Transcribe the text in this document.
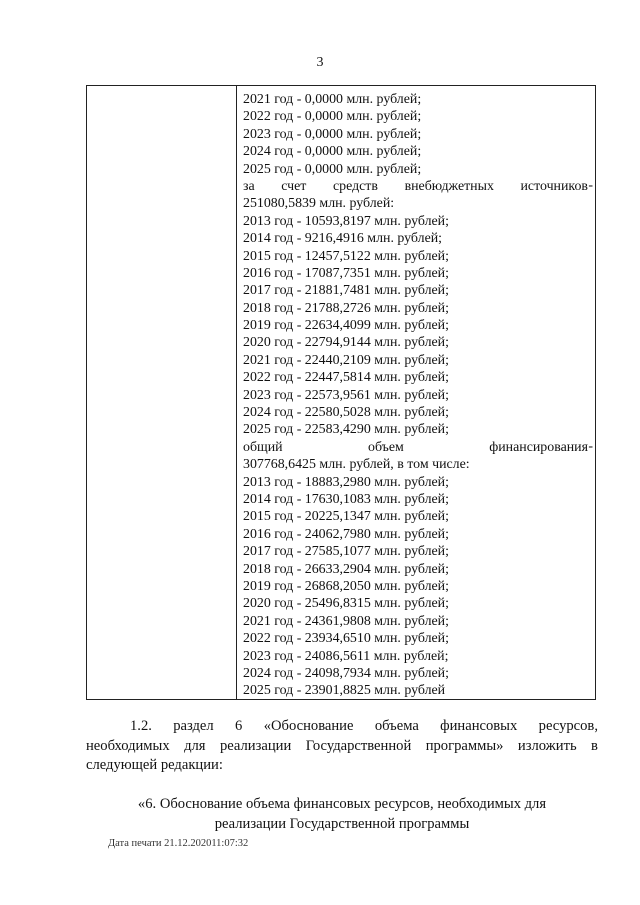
3
2021 год - 0,0000 млн. рублей;
2022 год - 0,0000 млн. рублей;
2023 год - 0,0000 млн. рублей;
2024 год - 0,0000 млн. рублей;
2025 год - 0,0000 млн. рублей;
за счет средств внебюджетных источников
251080,5839 млн. рублей:
2013 год - 10593,8197 млн. рублей;
2014 год - 9216,4916 млн. рублей;
2015 год - 12457,5122 млн. рублей;
2016 год - 17087,7351 млн. рублей;
2017 год - 21881,7481 млн. рублей;
2018 год - 21788,2726 млн. рублей;
2019 год - 22634,4099 млн. рублей;
2020 год - 22794,9144 млн. рублей;
2021 год - 22440,2109 млн. рублей;
2022 год - 22447,5814 млн. рублей;
2023 год - 22573,9561 млн. рублей;
2024 год - 22580,5028 млн. рублей;
2025 год - 22583,4290 млн. рублей;
общий	объем	финансирования
307768,6425 млн. рублей, в том числе:
2013 год - 18883,2980 млн. рублей;
2014 год - 17630,1083 млн. рублей;
2015 год - 20225,1347 млн. рублей;
2016 год - 24062,7980 млн. рублей;
2017 год - 27585,1077 млн. рублей;
2018 год - 26633,2904 млн. рублей;
2019 год - 26868,2050 млн. рублей;
2020 год - 25496,8315 млн. рублей;
2021 год - 24361,9808 млн. рублей;
2022 год - 23934,6510 млн. рублей;
2023 год - 24086,5611 млн. рублей;
2024 год - 24098,7934 млн. рублей;
2025 год - 23901,8825 млн. рублей
-
-
1.2. раздел 6 «Обоснование объема финансовых ресурсов,
необходимых для реализации Государственной программы» изложить в
следующей редакции:
«6. Обоснование объема финансовых ресурсов, необходимых для
реализации Государственной программы
Дата печати 21.12.202011:07:32
